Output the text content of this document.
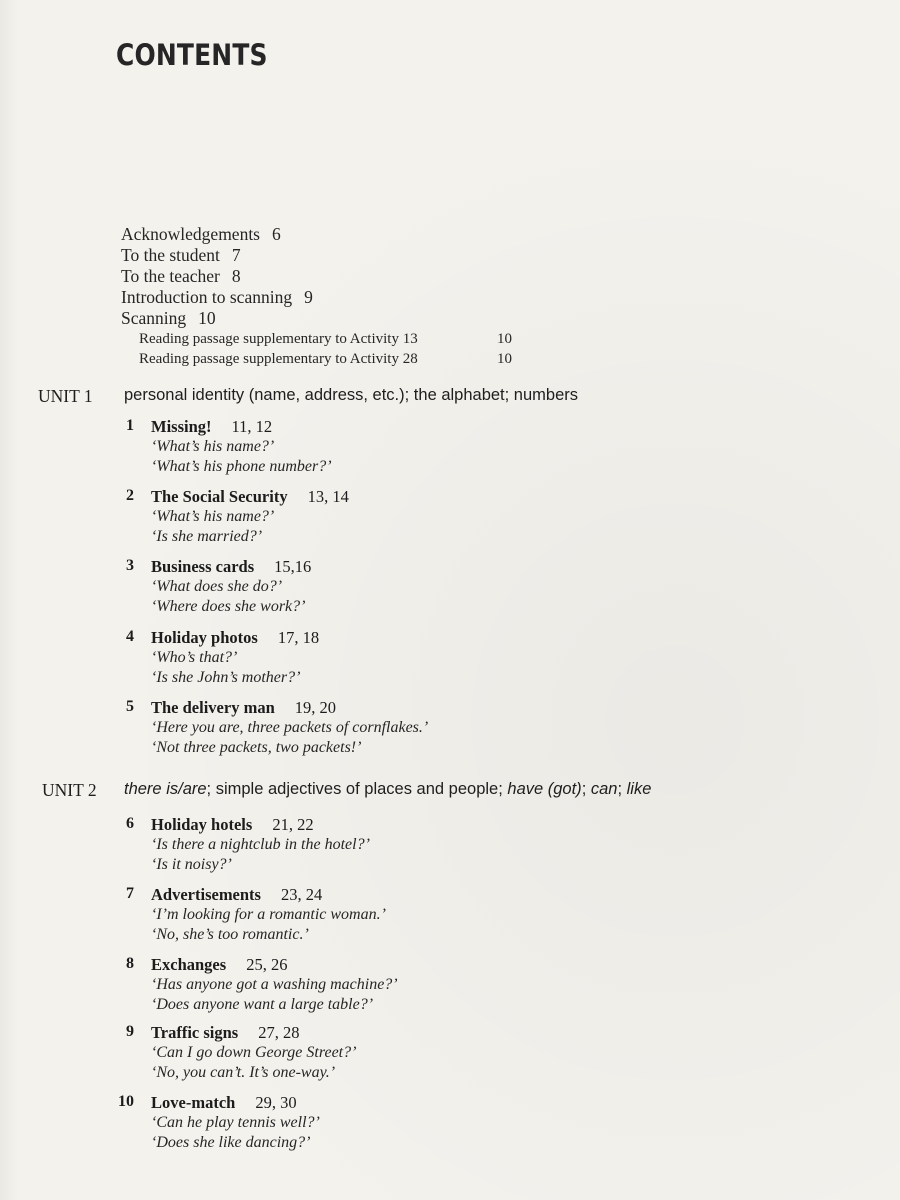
CONTENTS
Acknowledgements 6
To the student 7
To the teacher 8
Introduction to scanning 9
Scanning 10
Reading passage supplementary to Activity 13	10
Reading passage supplementary to Activity 28	10
UNIT 1 personal identity (name, address, etc.); the alphabet; numbers
1 Missing! 11, 12
‘What’s his name?’
‘What’s his phone number?’
2 The Social Security 13, 14
‘What’s his name?’
‘Is she married?’
3 Business cards 15,16
‘What does she do?’
‘Where does she work?’
4 Holiday photos 17, 18
‘Who’s that?’
‘Is she John’s mother?’
5 The delivery man 19, 20
‘Here you are, three packets of cornflakes.’
‘Not three packets, two packets!’
UNIT 2 there is/are; simple adjectives of places and people; have (got); can; like
6 Holiday hotels 21, 22
‘Is there a nightclub in the hotel?’
‘Is it noisy?’
7 Advertisements 23, 24
‘I’m looking for a romantic woman.’
‘No, she’s too romantic.’
8 Exchanges 25, 26
‘Has anyone got a washing machine?’
‘Does anyone want a large table?’
9 Traffic signs 27, 28
‘Can I go down George Street?’
‘No, you can’t. It’s one-way.’
10 Love-match 29, 30
‘Can he play tennis well?’
‘Does she like dancing?’
